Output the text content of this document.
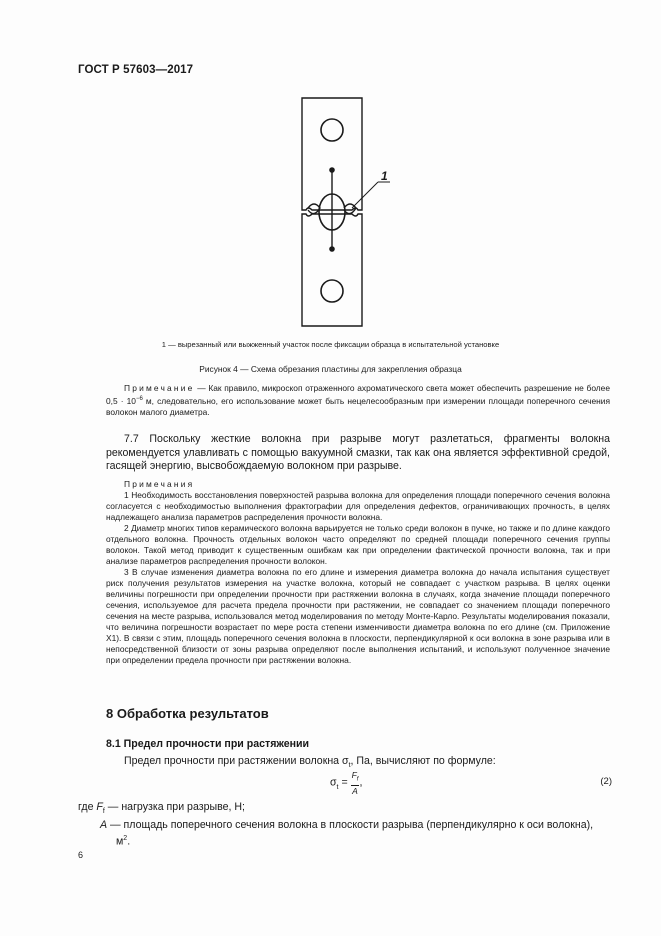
ГОСТ Р 57603—2017
1
1 — вырезанный или выжженный участок после фиксации образца в испытательной установке
Рисунок 4 — Схема обрезания пластины для закрепления образца

Примечание — Как правило, микроскоп отраженного ахроматического света может обеспечить разрешение не более $0,5 \cdot 10^{-6}$ м, следовательно, его использование может быть нецелесообразным при измерении площади поперечного сечения волокон малого диаметра.

7.7 Поскольку жесткие волокна при разрыве могут разлетаться, фрагменты волокна рекомендуется улавливать с помощью вакуумной смазки, так как она является эффективной средой, гасящей энергию, высвобождаемую волокном при разрыве.

Примечания

1 Необходимость восстановления поверхностей разрыва волокна для определения площади поперечного сечения волокна согласуется с необходимостью выполнения фрактографии для определения дефектов, ограничивающих прочность, в целях надлежащего анализа параметров распределения прочности волокна.

2 Диаметр многих типов керамического волокна варьируется не только среди волокон в пучке, но также и по длине каждого отдельного волокна. Прочность отдельных волокон часто определяют по средней площади поперечного сечения группы волокон. Такой метод приводит к существенным ошибкам как при определении фактической прочности волокна, так и при анализе параметров распределения прочности волокон.

3 В случае изменения диаметра волокна по его длине и измерения диаметра волокна до начала испытания существует риск получения результатов измерения на участке волокна, который не совпадает с участком разрыва. В целях оценки величины погрешности при определении прочности при растяжении волокна в случаях, когда значение площади поперечного сечения, используемое для расчета предела прочности при растяжении, не совпадает со значением площади поперечного сечения на месте разрыва, использовался метод моделирования по методу Монте-Карло. Результаты моделирования показали, что величина погрешности возрастает по мере роста степени изменчивости диаметра волокна по его длине (см. Приложение X1). В связи с этим, площадь поперечного сечения волокна в плоскости, перпендикулярной к оси волокна в зоне разрыва или в непосредственной близости от зоны разрыва определяют после выполнения испытаний, и используют полученное значение при определении предела прочности при растяжении волокна.

8 Обработка результатов
8.1 Предел прочности при растяжении
Предел прочности при растяжении волокна $\sigma_t$, Па, вычисляют по формуле:
$\sigma_t = \frac{F_f}{A}$ ,	(2)
где $F_f$ — нагрузка при разрыве, Н;
A — площадь поперечного сечения волокна в плоскости разрыва (перпендикулярно к оси волокна),
$м^2$.
6
